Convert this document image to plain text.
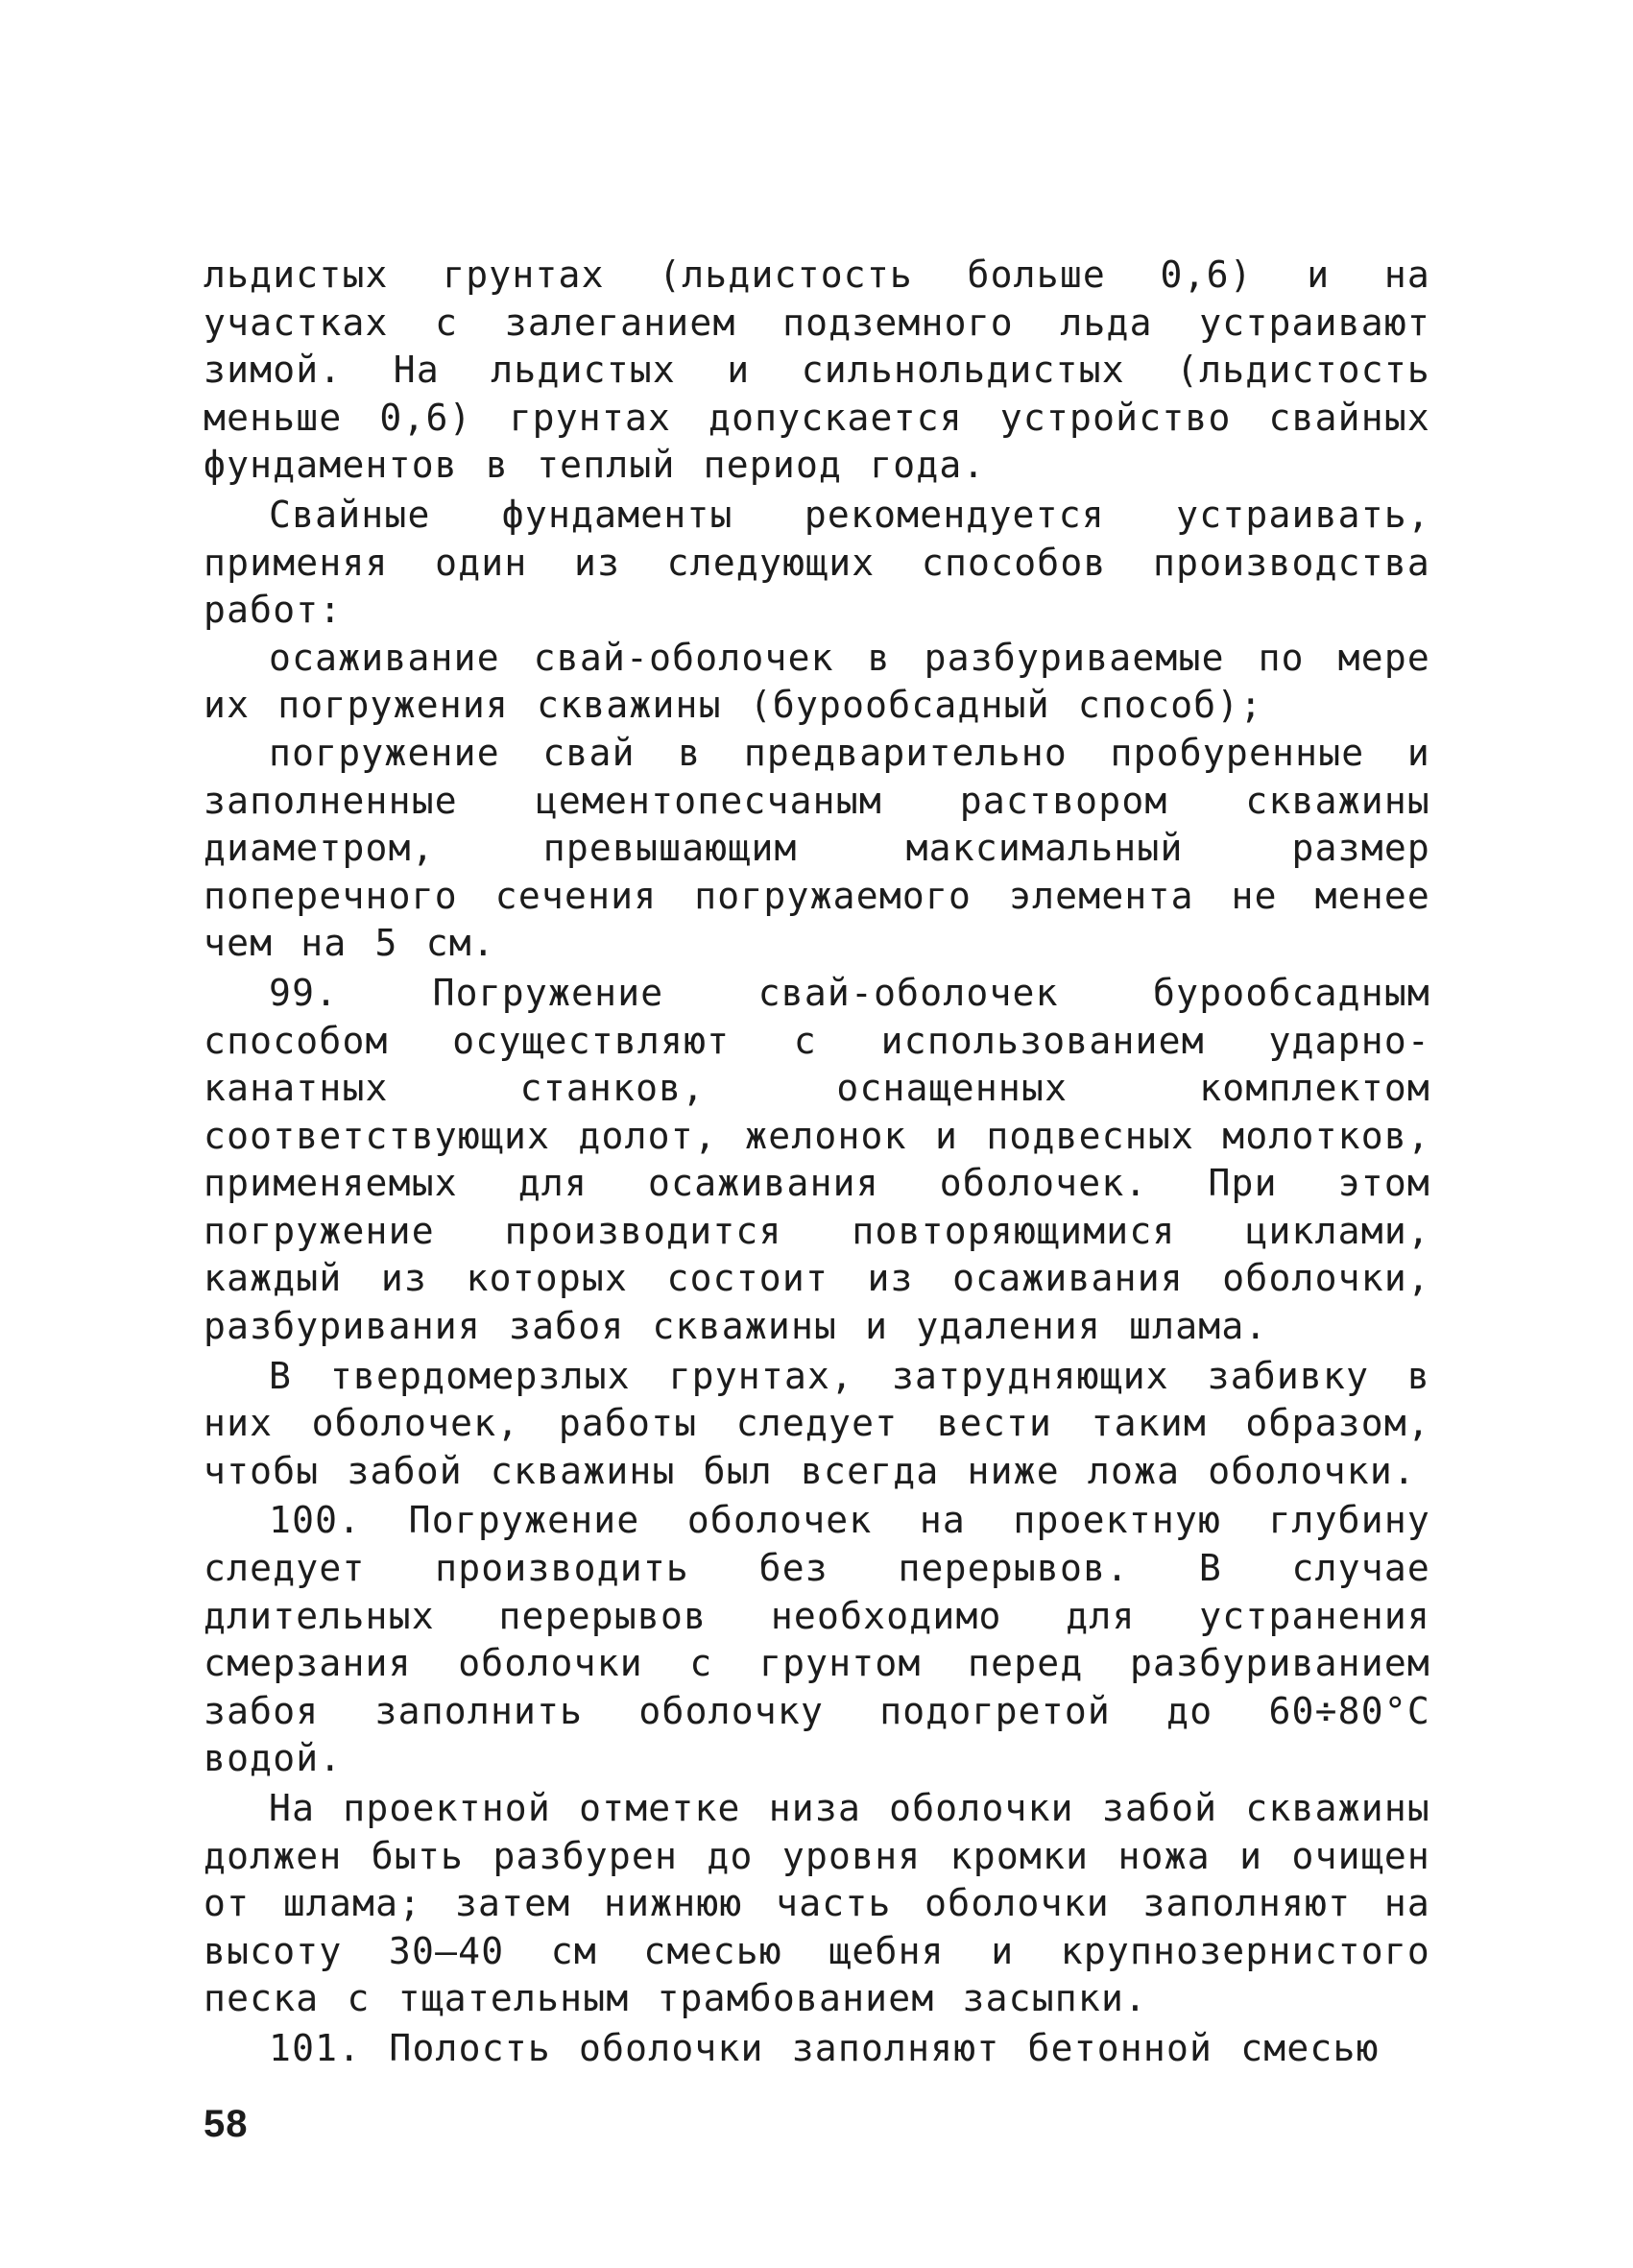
льдистых грунтах (льдистость больше 0,6) и на участках с залеганием подземного льда устраивают зимой. На льдистых и сильнольдистых (льдистость меньше 0,6) грунтах допускается устройство свайных фундаментов в теплый период года.

Свайные фундаменты рекомендуется устраивать, применяя один из следующих способов производства работ:

осаживание свай-оболочек в разбуриваемые по мере их погружения скважины (бурообсадный способ);

погружение свай в предварительно пробуренные и заполненные цементопесчаным раствором скважины диаметром, превышающим максимальный размер поперечного сечения погружаемого элемента не менее чем на 5 см.

99. Погружение свай-оболочек бурообсадным способом осуществляют с использованием ударно-канатных станков, оснащенных комплектом соответствующих долот, желонок и подвесных молотков, применяемых для осаживания оболочек. При этом погружение производится повторяющимися циклами, каждый из которых состоит из осаживания оболочки, разбуривания забоя скважины и удаления шлама.

В твердомерзлых грунтах, затрудняющих забивку в них оболочек, работы следует вести таким образом, чтобы забой скважины был всегда ниже ложа оболочки.

100. Погружение оболочек на проектную глубину следует производить без перерывов. В случае длительных перерывов необходимо для устранения смерзания оболочки с грунтом перед разбуриванием забоя заполнить оболочку подогретой до 60÷80°С водой.

На проектной отметке низа оболочки забой скважины должен быть разбурен до уровня кромки ножа и очищен от шлама; затем нижнюю часть оболочки заполняют на высоту 30–40 см смесью щебня и крупнозернистого песка с тщательным трамбованием засыпки.

101. Полость оболочки заполняют бетонной смесью

58
